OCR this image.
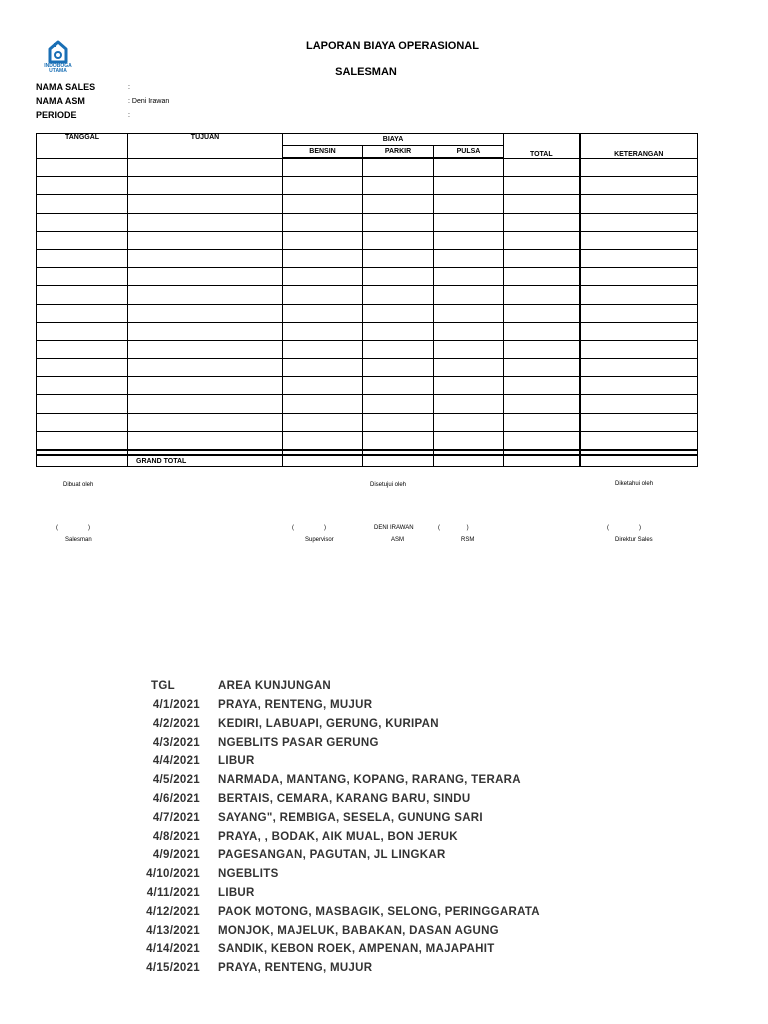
INDOBOGA
UTAMA
LAPORAN BIAYA OPERASIONAL
SALESMAN
NAMA SALES	:
NAMA ASM	: Deni Irawan
PERIODE	:
TANGGAL	TUJUAN	BIAYA			TOTAL	KETERANGAN
		BENSIN	PARKIR	PULSA		

	GRAND TOTAL					
Dibuat oleh	Disetujui oleh	Diketahui oleh
(                  )	(                  )	DENI IRAWAN	(                )	(                  )
Salesman	Supervisor	ASM	RSM	Direktur Sales
TGL	AREA KUNJUNGAN
4/1/2021 PRAYA, RENTENG, MUJUR
4/2/2021 KEDIRI, LABUAPI, GERUNG, KURIPAN
4/3/2021 NGEBLITS PASAR GERUNG
4/4/2021 LIBUR
4/5/2021 NARMADA, MANTANG, KOPANG, RARANG, TERARA
4/6/2021 BERTAIS, CEMARA, KARANG BARU, SINDU
4/7/2021 SAYANG", REMBIGA, SESELA, GUNUNG SARI
4/8/2021 PRAYA, , BODAK, AIK MUAL, BON JERUK
4/9/2021 PAGESANGAN, PAGUTAN, JL LINGKAR
4/10/2021 NGEBLITS
4/11/2021 LIBUR
4/12/2021 PAOK MOTONG, MASBAGIK, SELONG, PERINGGARATA
4/13/2021 MONJOK, MAJELUK, BABAKAN, DASAN AGUNG
4/14/2021 SANDIK, KEBON ROEK, AMPENAN, MAJAPAHIT
4/15/2021 PRAYA, RENTENG, MUJUR
